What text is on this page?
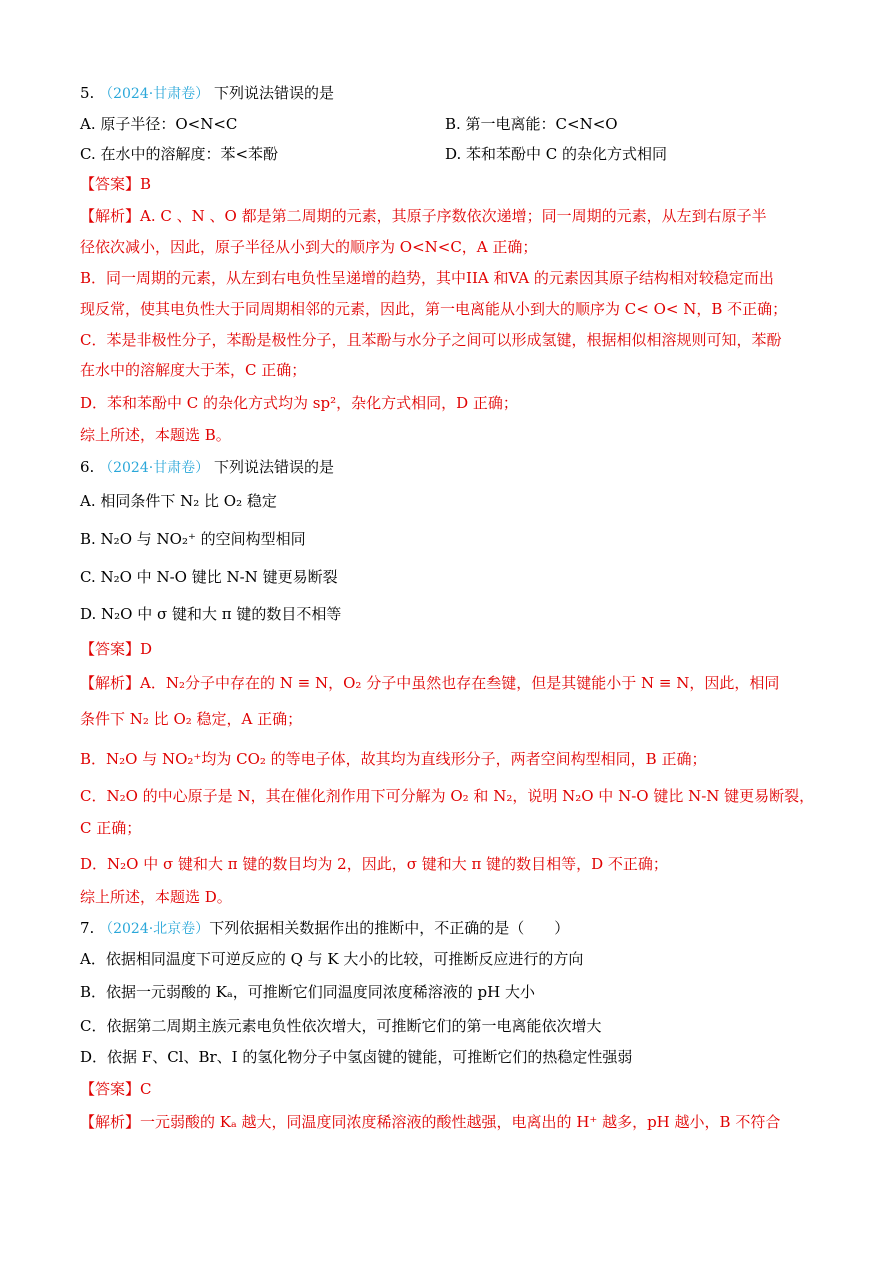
5. （2024·甘肃卷） 下列说法错误的是
A. 原子半径：O<N<C	B. 第一电离能：C<N<O
C. 在水中的溶解度：苯<苯酚	D. 苯和苯酚中 C 的杂化方式相同
【答案】B
【解析】A. C 、N 、O 都是第二周期的元素，其原子序数依次递增；同一周期的元素，从左到右原子半
径依次减小，因此，原子半径从小到大的顺序为 O<N<C，A 正确；
B．同一周期的元素，从左到右电负性呈递增的趋势，其中IIA 和VA 的元素因其原子结构相对较稳定而出
现反常，使其电负性大于同周期相邻的元素，因此，第一电离能从小到大的顺序为 C< O< N，B 不正确；
C．苯是非极性分子，苯酚是极性分子，且苯酚与水分子之间可以形成氢键，根据相似相溶规则可知，苯酚
在水中的溶解度大于苯，C 正确；
D．苯和苯酚中 C 的杂化方式均为 sp²，杂化方式相同，D 正确；
综上所述，本题选 B。
6. （2024·甘肃卷） 下列说法错误的是
A. 相同条件下 N₂ 比 O₂ 稳定
B. N₂O 与 NO₂⁺ 的空间构型相同
C. N₂O 中 N-O 键比 N-N 键更易断裂
D. N₂O 中 σ 键和大 π 键的数目不相等
【答案】D
【解析】A．N₂分子中存在的 N ≡ N，O₂ 分子中虽然也存在叁键，但是其键能小于 N ≡ N，因此，相同
条件下 N₂ 比 O₂ 稳定，A 正确；
B．N₂O 与 NO₂⁺均为 CO₂ 的等电子体，故其均为直线形分子，两者空间构型相同，B 正确；
C．N₂O 的中心原子是 N，其在催化剂作用下可分解为 O₂ 和 N₂，说明 N₂O 中 N-O 键比 N-N 键更易断裂，
C 正确；
D．N₂O 中 σ 键和大 π 键的数目均为 2，因此，σ 键和大 π 键的数目相等，D 不正确；
综上所述，本题选 D。
7. （2024·北京卷）下列依据相关数据作出的推断中，不正确的是（　　）
A．依据相同温度下可逆反应的 Q 与 K 大小的比较，可推断反应进行的方向
B．依据一元弱酸的 Kₐ，可推断它们同温度同浓度稀溶液的 pH 大小
C．依据第二周期主族元素电负性依次增大，可推断它们的第一电离能依次增大
D．依据 F、Cl、Br、I 的氢化物分子中氢卤键的键能，可推断它们的热稳定性强弱
【答案】C
【解析】一元弱酸的 Kₐ 越大，同温度同浓度稀溶液的酸性越强，电离出的 H⁺ 越多，pH 越小，B 不符合
